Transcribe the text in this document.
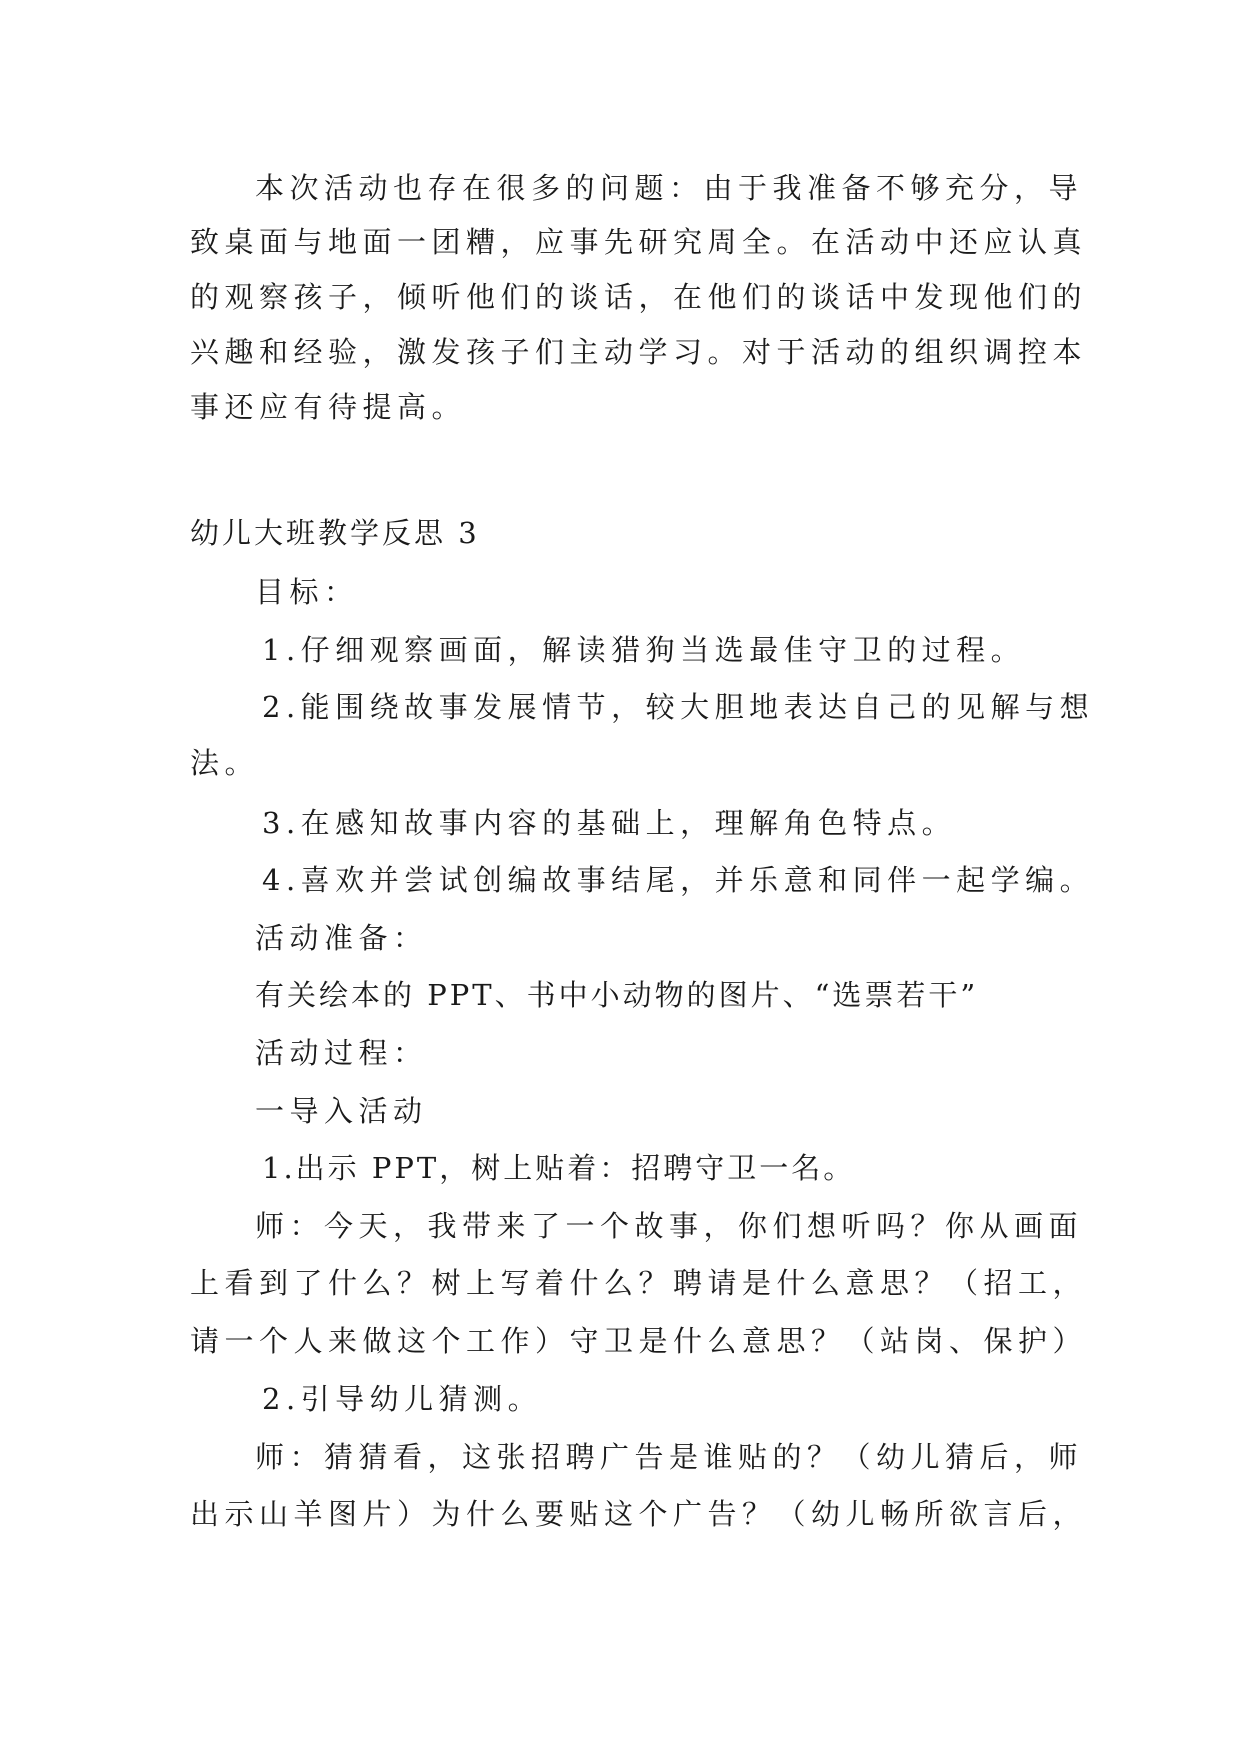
本次活动也存在很多的问题：由于我准备不够充分，导

致桌面与地面一团糟，应事先研究周全。在活动中还应认真

的观察孩子，倾听他们的谈话，在他们的谈话中发现他们的

兴趣和经验，激发孩子们主动学习。对于活动的组织调控本

事还应有待提高。

幼儿大班教学反思 3

目标：

1.仔细观察画面，解读猎狗当选最佳守卫的过程。

2.能围绕故事发展情节，较大胆地表达自己的见解与想

法。

3.在感知故事内容的基础上，理解角色特点。

4.喜欢并尝试创编故事结尾，并乐意和同伴一起学编。

活动准备：

有关绘本的 PPT、书中小动物的图片、“选票若干”

活动过程：

一导入活动

1.出示 PPT，树上贴着：招聘守卫一名。

师：今天，我带来了一个故事，你们想听吗？你从画面

上看到了什么？树上写着什么？聘请是什么意思？（招工，

请一个人来做这个工作）守卫是什么意思？（站岗、保护）

2.引导幼儿猜测。

师：猜猜看，这张招聘广告是谁贴的？（幼儿猜后，师

出示山羊图片）为什么要贴这个广告？（幼儿畅所欲言后，
